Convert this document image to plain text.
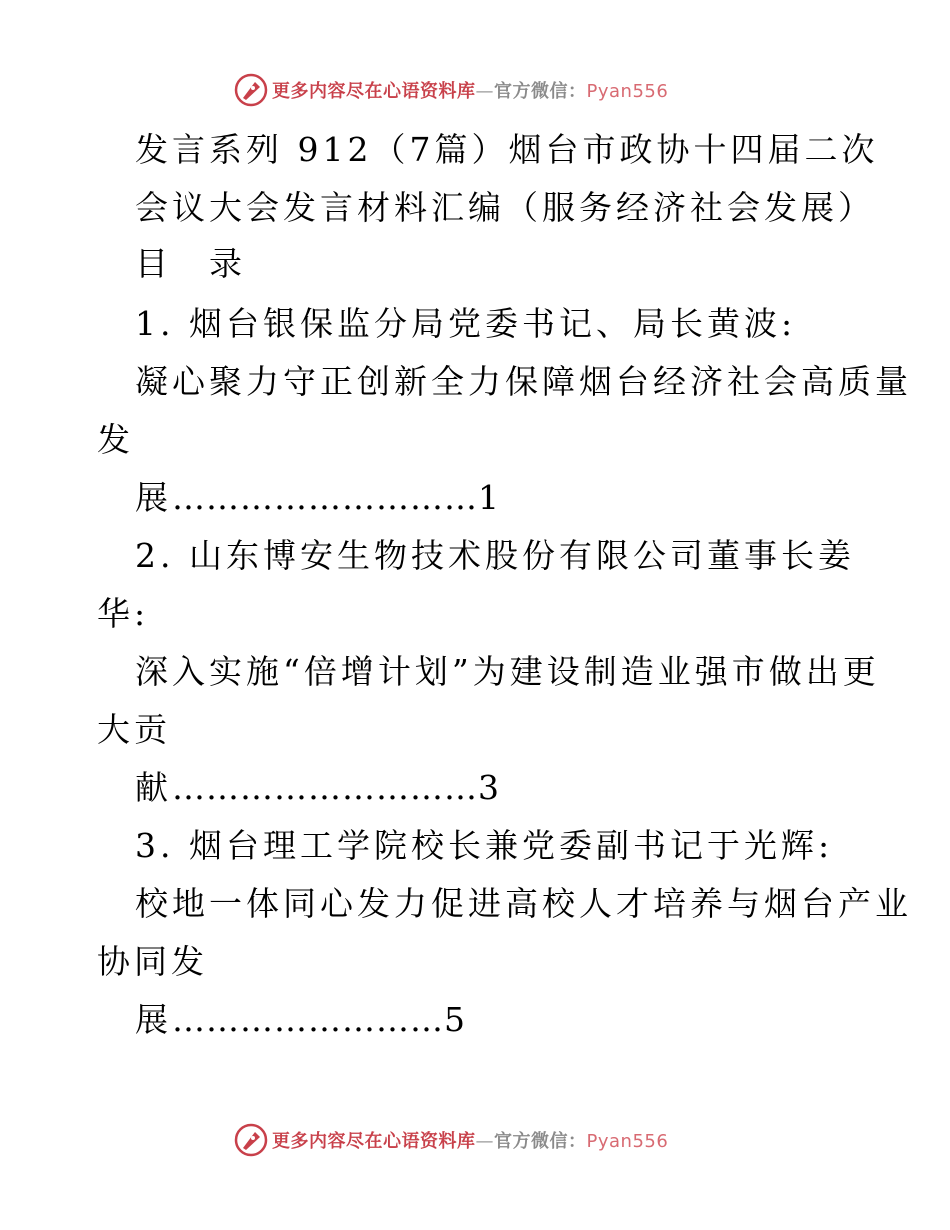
更多内容尽在心语资料库—官方微信：Pyan556
发言系列 912（7篇）烟台市政协十四届二次
会议大会发言材料汇编（服务经济社会发展）
目　录
1. 烟台银保监分局党委书记、局长黄波:
凝心聚力守正创新全力保障烟台经济社会高质量
发
展………………………1
2. 山东博安生物技术股份有限公司董事长姜
华:
深入实施“倍增计划”为建设制造业强市做出更
大贡
献………………………3
3. 烟台理工学院校长兼党委副书记于光辉:
校地一体同心发力促进高校人才培养与烟台产业
协同发
展……………………5
更多内容尽在心语资料库—官方微信：Pyan556
